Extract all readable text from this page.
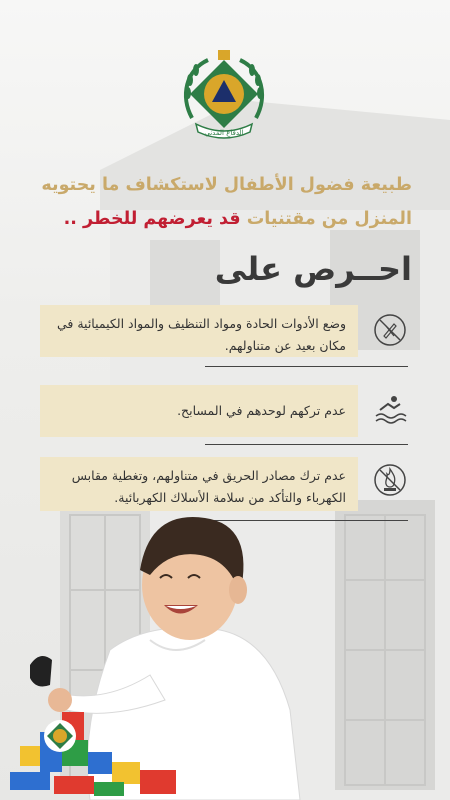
الدفاع المدني
طبيعة فضول الأطفال لاستكشاف ما يحتويه
المنزل من مقتنيات قد يعرضهم للخطر ..
احــرص على
وضع الأدوات الحادة ومواد التنظيف والمواد الكيميائية في مكان بعيد عن متناولهم.
عدم تركهم لوحدهم في المسابح.
عدم ترك مصادر الحريق في متناولهم، وتغطية مقابس الكهرباء والتأكد من سلامة الأسلاك الكهربائية.
